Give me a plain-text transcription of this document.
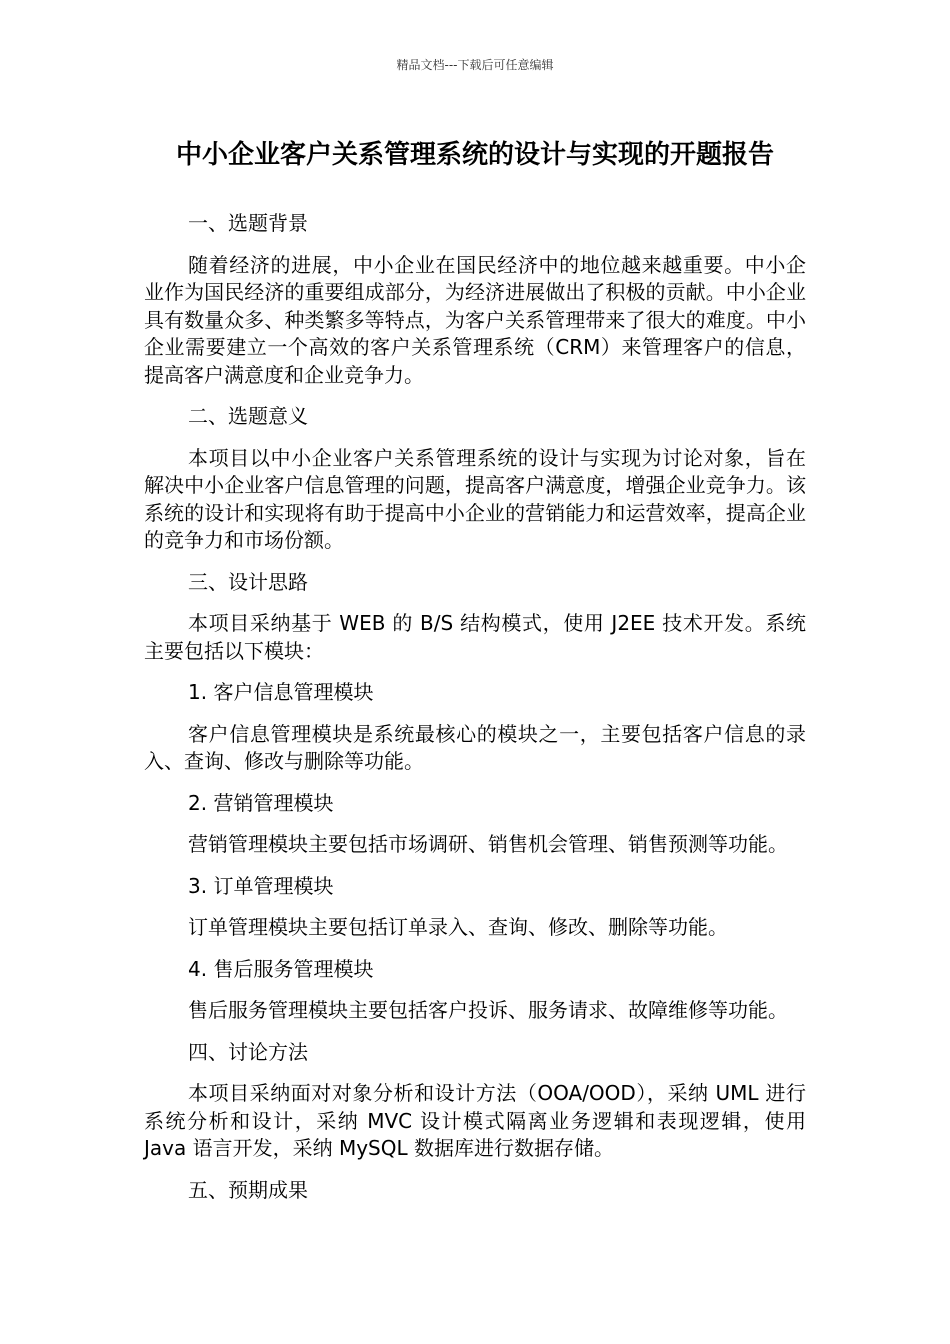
精品文档---下载后可任意编辑
中小企业客户关系管理系统的设计与实现的开题报告
一、选题背景
随着经济的进展，中小企业在国民经济中的地位越来越重要。中小企业作为国民经济的重要组成部分，为经济进展做出了积极的贡献。中小企业具有数量众多、种类繁多等特点，为客户关系管理带来了很大的难度。中小企业需要建立一个高效的客户关系管理系统（CRM）来管理客户的信息，提高客户满意度和企业竞争力。
二、选题意义
本项目以中小企业客户关系管理系统的设计与实现为讨论对象，旨在解决中小企业客户信息管理的问题，提高客户满意度，增强企业竞争力。该系统的设计和实现将有助于提高中小企业的营销能力和运营效率，提高企业的竞争力和市场份额。
三、设计思路
本项目采纳基于 WEB 的 B/S 结构模式，使用 J2EE 技术开发。系统主要包括以下模块：
1. 客户信息管理模块
客户信息管理模块是系统最核心的模块之一，主要包括客户信息的录入、查询、修改与删除等功能。
2. 营销管理模块
营销管理模块主要包括市场调研、销售机会管理、销售预测等功能。
3. 订单管理模块
订单管理模块主要包括订单录入、查询、修改、删除等功能。
4. 售后服务管理模块
售后服务管理模块主要包括客户投诉、服务请求、故障维修等功能。
四、讨论方法
本项目采纳面对对象分析和设计方法（OOA/OOD），采纳 UML 进行系统分析和设计，采纳 MVC 设计模式隔离业务逻辑和表现逻辑，使用 Java 语言开发，采纳 MySQL 数据库进行数据存储。
五、预期成果
